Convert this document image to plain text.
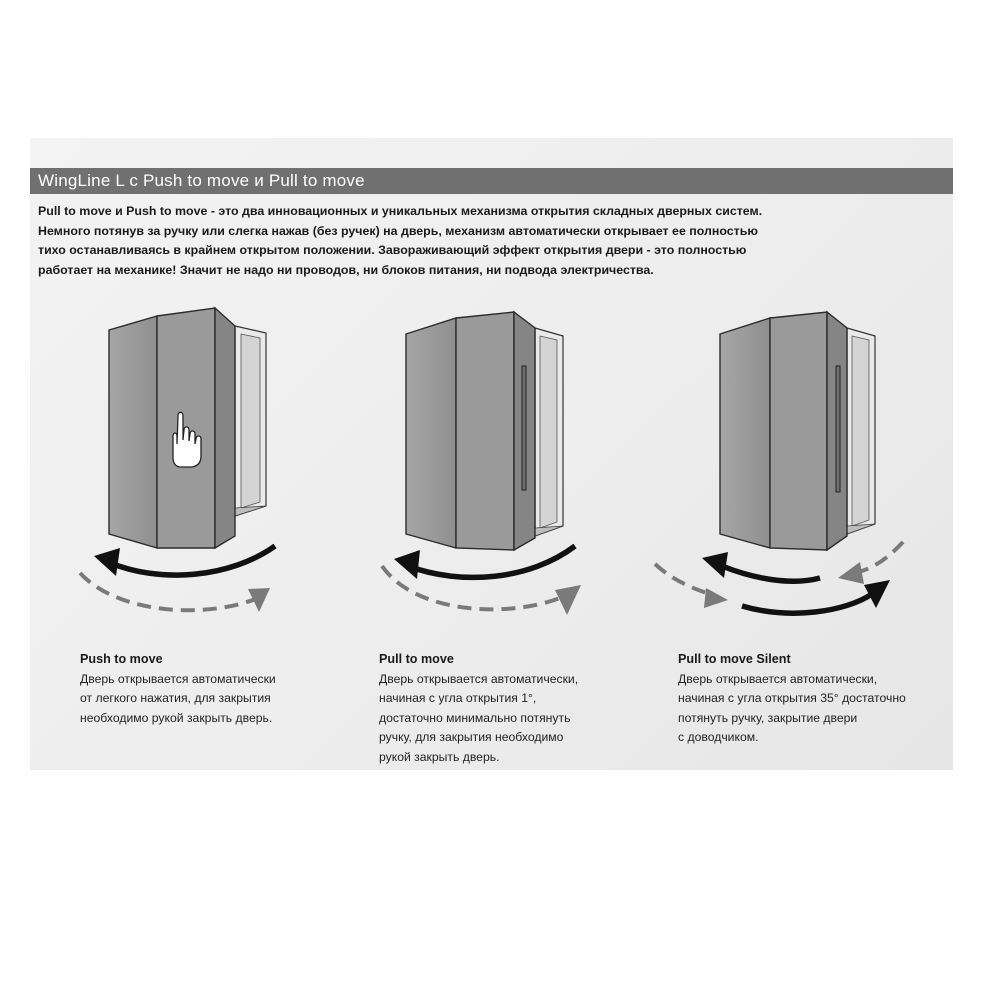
WingLine L с Push to move и Pull to move
Pull to move и Push to move - это два инновационных и уникальных механизма открытия складных дверных систем.
Немного потянув за ручку или слегка нажав (без ручек) на дверь, механизм автоматически открывает ее полностью
тихо останавливаясь в крайнем открытом положении. Завораживающий эффект открытия двери - это полностью
работает на механике! Значит не надо ни проводов, ни блоков питания, ни подвода электричества.
Push to move
Дверь открывается автоматически
от легкого нажатия, для закрытия
необходимо рукой закрыть дверь.
Pull to move
Дверь открывается автоматически,
начиная с угла открытия 1°,
достаточно минимально потянуть
ручку, для закрытия необходимо
рукой закрыть дверь.
Pull to move Silent
Дверь открывается автоматически,
начиная с угла открытия 35° достаточно
потянуть ручку, закрытие двери
с доводчиком.
